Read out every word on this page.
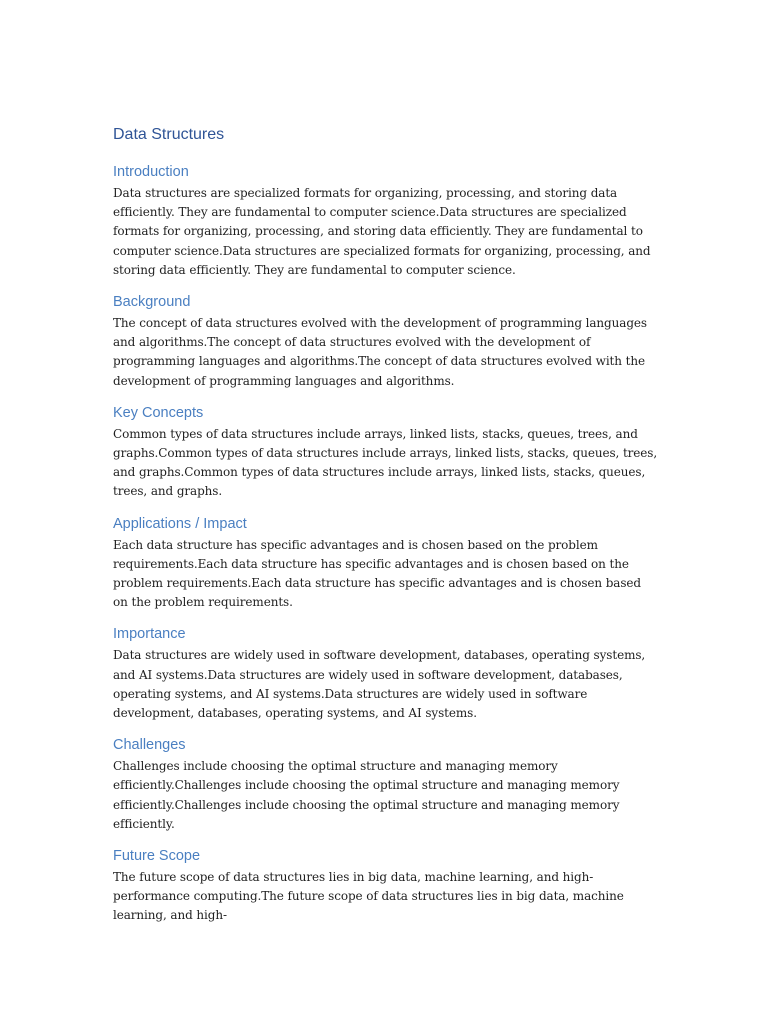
Data Structures
Introduction

Data structures are specialized formats for organizing, processing, and storing data efficiently. They are fundamental to computer science.Data structures are specialized formats for organizing, processing, and storing data efficiently. They are fundamental to computer science.Data structures are specialized formats for organizing, processing, and storing data efficiently. They are fundamental to computer science.

Background

The concept of data structures evolved with the development of programming languages and algorithms.The concept of data structures evolved with the development of programming languages and algorithms.The concept of data structures evolved with the development of programming languages and algorithms.

Key Concepts

Common types of data structures include arrays, linked lists, stacks, queues, trees, and graphs.Common types of data structures include arrays, linked lists, stacks, queues, trees, and graphs.Common types of data structures include arrays, linked lists, stacks, queues, trees, and graphs.

Applications / Impact

Each data structure has specific advantages and is chosen based on the problem requirements.Each data structure has specific advantages and is chosen based on the problem requirements.Each data structure has specific advantages and is chosen based on the problem requirements.

Importance

Data structures are widely used in software development, databases, operating systems, and AI systems.Data structures are widely used in software development, databases, operating systems, and AI systems.Data structures are widely used in software development, databases, operating systems, and AI systems.

Challenges

Challenges include choosing the optimal structure and managing memory efficiently.Challenges include choosing the optimal structure and managing memory efficiently.Challenges include choosing the optimal structure and managing memory efficiently.

Future Scope

The future scope of data structures lies in big data, machine learning, and high-performance computing.The future scope of data structures lies in big data, machine learning, and high-
